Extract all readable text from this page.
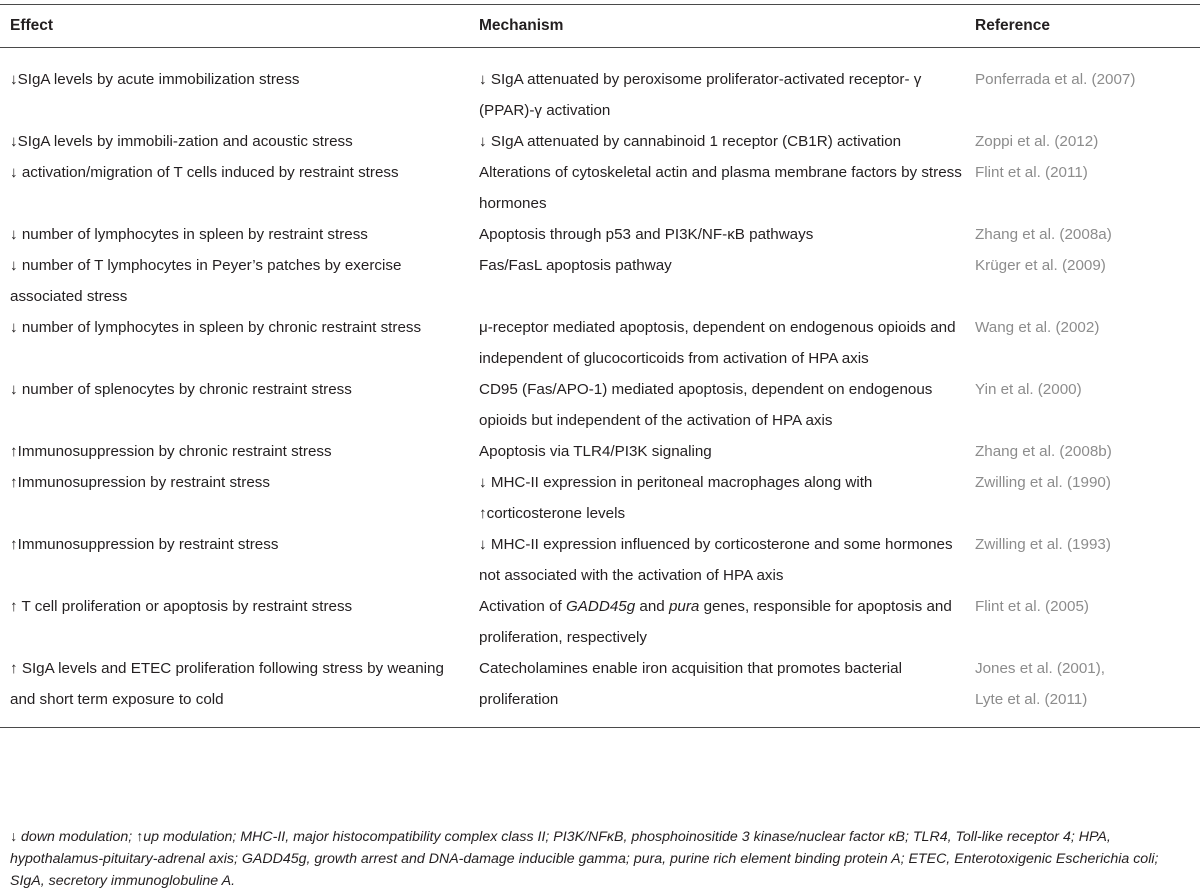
Effect	Mechanism	Reference
↓SIgA levels by acute immobilization stress	↓ SIgA attenuated by peroxisome proliferator-activated receptor- γ (PPAR)-γ activation	Ponferrada et al. (2007)
↓SIgA levels by immobili-zation and acoustic stress	↓ SIgA attenuated by cannabinoid 1 receptor (CB1R) activation	Zoppi et al. (2012)
↓ activation/migration of T cells induced by restraint stress	Alterations of cytoskeletal actin and plasma membrane factors by stress hormones	Flint et al. (2011)
↓ number of lymphocytes in spleen by restraint stress	Apoptosis through p53 and PI3K/NF-κB pathways	Zhang et al. (2008a)
↓ number of T lymphocytes in Peyer’s patches by exercise associated stress	Fas/FasL apoptosis pathway	Krüger et al. (2009)
↓ number of lymphocytes in spleen by chronic restraint stress	μ-receptor mediated apoptosis, dependent on endogenous opioids and independent of glucocorticoids from activation of HPA axis	Wang et al. (2002)
↓ number of splenocytes by chronic restraint stress	CD95 (Fas/APO-1) mediated apoptosis, dependent on endogenous opioids but independent of the activation of HPA axis	Yin et al. (2000)
↑Immunosuppression by chronic restraint stress	Apoptosis via TLR4/PI3K signaling	Zhang et al. (2008b)
↑Immunosupression by restraint stress	↓ MHC-II expression in peritoneal macrophages along with ↑corticosterone levels	Zwilling et al. (1990)
↑Immunosuppression by restraint stress	↓ MHC-II expression influenced by corticosterone and some hormones not associated with the activation of HPA axis	Zwilling et al. (1993)
↑ T cell proliferation or apoptosis by restraint stress	Activation of GADD45g and pura genes, responsible for apoptosis and proliferation, respectively	Flint et al. (2005)
↑ SIgA levels and ETEC proliferation following stress by weaning and short term exposure to cold	Catecholamines enable iron acquisition that promotes bacterial proliferation	Jones et al. (2001),
Lyte et al. (2011)
↓ down modulation; ↑up modulation; MHC-II, major histocompatibility complex class II; PI3K/NFκB, phosphoinositide 3 kinase/nuclear factor κB; TLR4, Toll-like receptor 4; HPA, hypothalamus-pituitary-adrenal axis; GADD45g, growth arrest and DNA-damage inducible gamma; pura, purine rich element binding protein A; ETEC, Enterotoxigenic Escherichia coli; SIgA, secretory immunoglobuline A.
